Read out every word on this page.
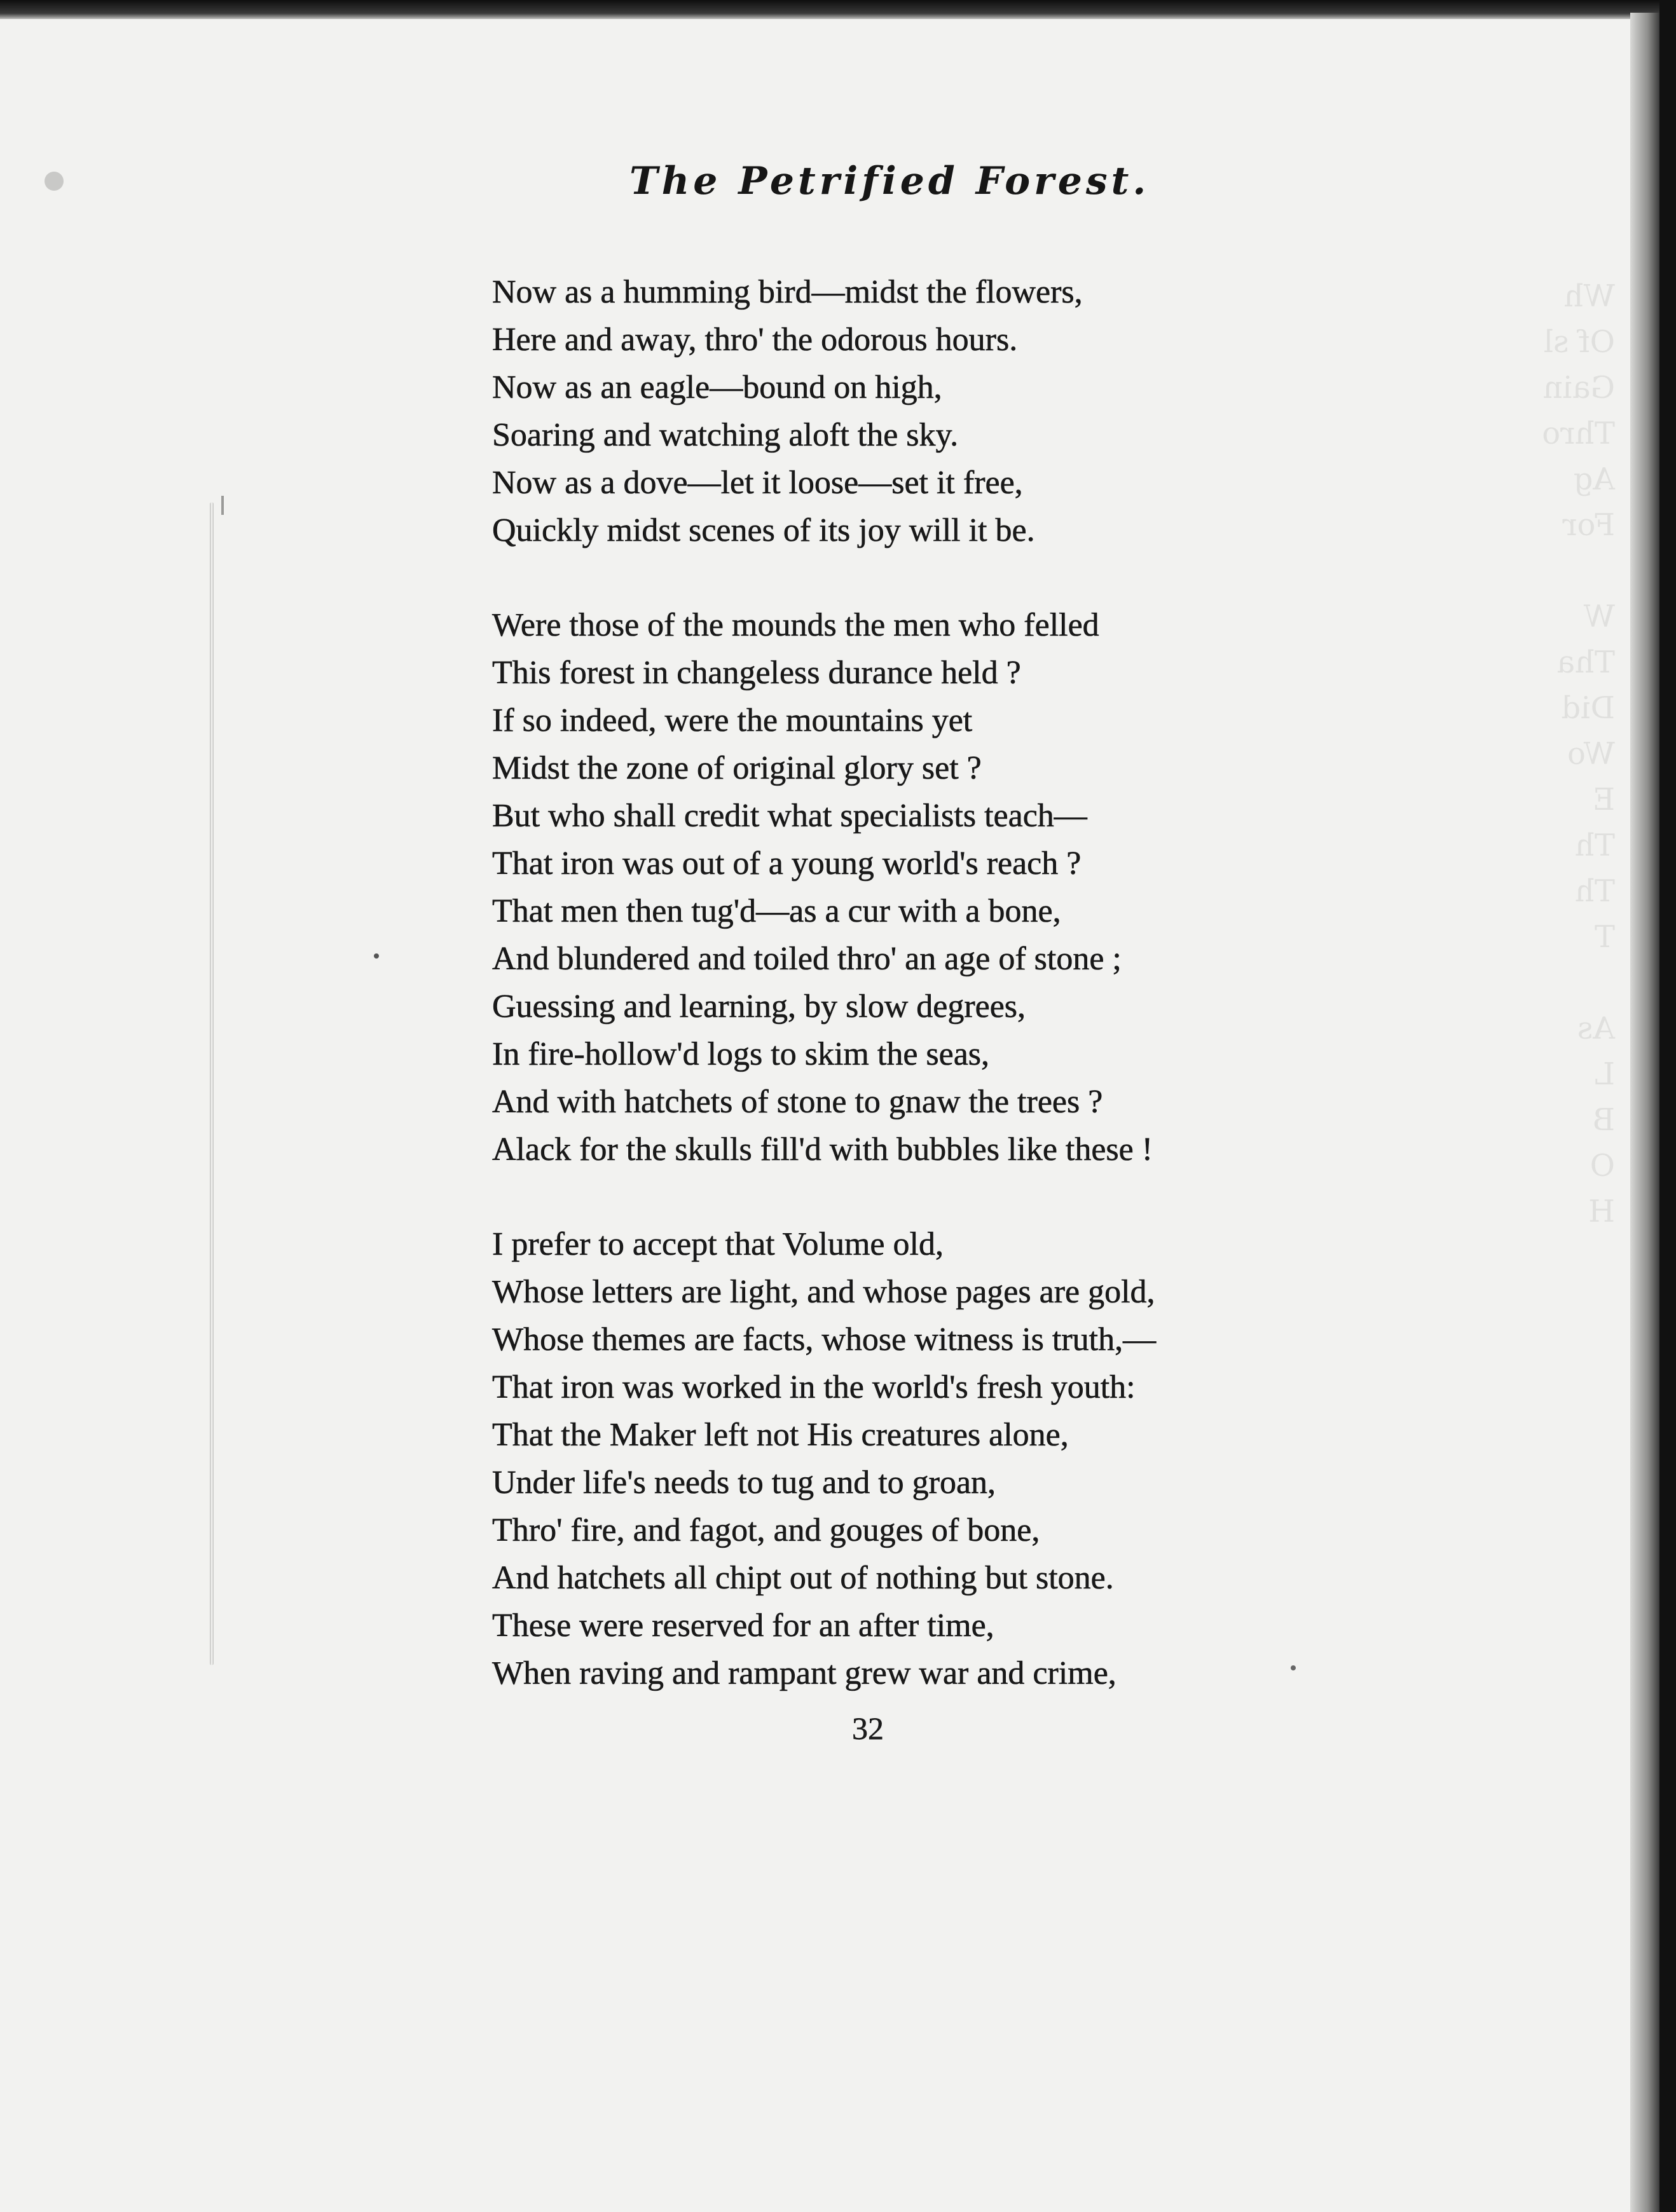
Wh
Of sl
Gain
Thro
Ag
For

W
Tha
Did
Wo
E
Th
Th
T

As
L
B
O
H

The Petrified Forest.
Now as a humming bird—midst the flowers,
Here and away, thro' the odorous hours.
Now as an eagle—bound on high,
Soaring and watching aloft the sky.
Now as a dove—let it loose—set it free,
Quickly midst scenes of its joy will it be.
Were those of the mounds the men who felled
This forest in changeless durance held ?
If so indeed, were the mountains yet
Midst the zone of original glory set ?
But who shall credit what specialists teach—
That iron was out of a young world's reach ?
That men then tug'd—as a cur with a bone,
And blundered and toiled thro' an age of stone ;
Guessing and learning, by slow degrees,
In fire-hollow'd logs to skim the seas,
And with hatchets of stone to gnaw the trees ?
Alack for the skulls fill'd with bubbles like these !
I prefer to accept that Volume old,
Whose letters are light, and whose pages are gold,
Whose themes are facts, whose witness is truth,—
That iron was worked in the world's fresh youth:
That the Maker left not His creatures alone,
Under life's needs to tug and to groan,
Thro' fire, and fagot, and gouges of bone,
And hatchets all chipt out of nothing but stone.
These were reserved for an after time,
When raving and rampant grew war and crime,
32
